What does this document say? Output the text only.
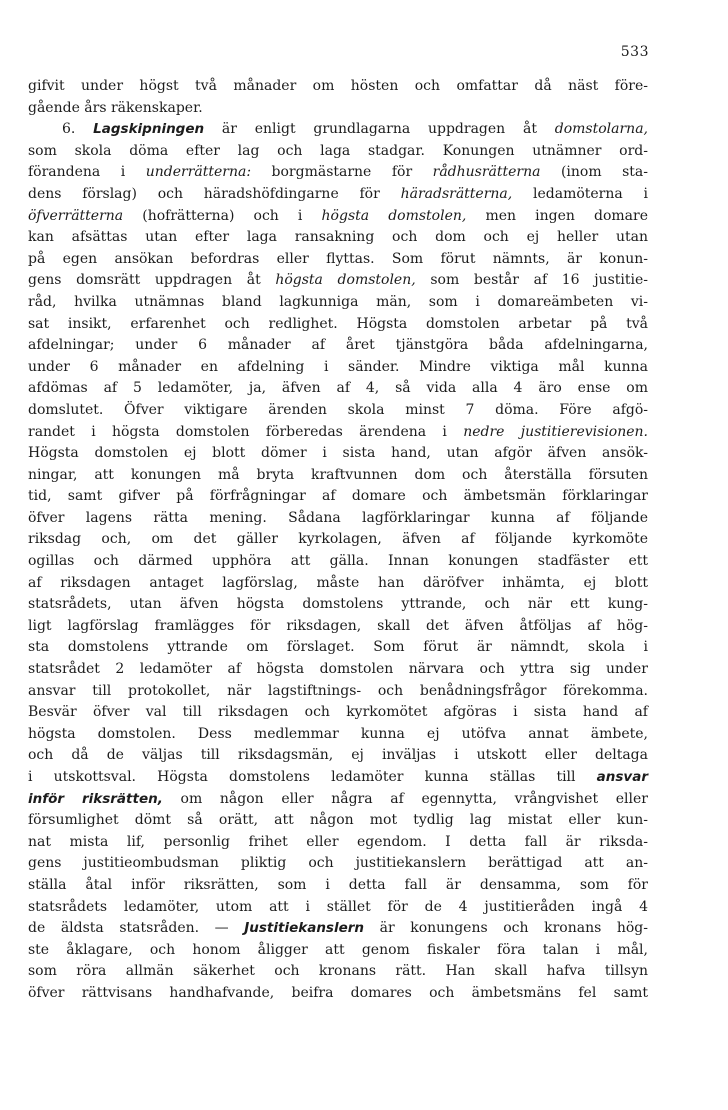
533
gifvit under högst två månader om hösten och omfattar då näst före-
gående års räkenskaper.
6. Lagskipningen är enligt grundlagarna uppdragen åt domstolarna,
som skola döma efter lag och laga stadgar. Konungen utnämner ord-
förandena i underrätterna: borgmästarne för rådhusrätterna (inom sta-
dens förslag) och häradshöfdingarne för häradsrätterna, ledamöterna i
öfverrätterna (hofrätterna) och i högsta domstolen, men ingen domare
kan afsättas utan efter laga ransakning och dom och ej heller utan
på egen ansökan befordras eller flyttas. Som förut nämnts, är konun-
gens domsrätt uppdragen åt högsta domstolen, som består af 16 justitie-
råd, hvilka utnämnas bland lagkunniga män, som i domareämbeten vi-
sat insikt, erfarenhet och redlighet. Högsta domstolen arbetar på två
afdelningar; under 6 månader af året tjänstgöra båda afdelningarna,
under 6 månader en afdelning i sänder. Mindre viktiga mål kunna
afdömas af 5 ledamöter, ja, äfven af 4, så vida alla 4 äro ense om
domslutet. Öfver viktigare ärenden skola minst 7 döma. Före afgö-
randet i högsta domstolen förberedas ärendena i nedre justitierevisionen.
Högsta domstolen ej blott dömer i sista hand, utan afgör äfven ansök-
ningar, att konungen må bryta kraftvunnen dom och återställa försuten
tid, samt gifver på förfrågningar af domare och ämbetsmän förklaringar
öfver lagens rätta mening. Sådana lagförklaringar kunna af följande
riksdag och, om det gäller kyrkolagen, äfven af följande kyrkomöte
ogillas och därmed upphöra att gälla. Innan konungen stadfäster ett
af riksdagen antaget lagförslag, måste han däröfver inhämta, ej blott
statsrådets, utan äfven högsta domstolens yttrande, och när ett kung-
ligt lagförslag framlägges för riksdagen, skall det äfven åtföljas af hög-
sta domstolens yttrande om förslaget. Som förut är nämndt, skola i
statsrådet 2 ledamöter af högsta domstolen närvara och yttra sig under
ansvar till protokollet, när lagstiftnings- och benådningsfrågor förekomma.
Besvär öfver val till riksdagen och kyrkomötet afgöras i sista hand af
högsta domstolen. Dess medlemmar kunna ej utöfva annat ämbete,
och då de väljas till riksdagsmän, ej inväljas i utskott eller deltaga
i utskottsval. Högsta domstolens ledamöter kunna ställas till ansvar
inför riksrätten, om någon eller några af egennytta, vrångvishet eller
försumlighet dömt så orätt, att någon mot tydlig lag mistat eller kun-
nat mista lif, personlig frihet eller egendom. I detta fall är riksda-
gens justitieombudsman pliktig och justitiekanslern berättigad att an-
ställa åtal inför riksrätten, som i detta fall är densamma, som för
statsrådets ledamöter, utom att i stället för de 4 justitieråden ingå 4
de äldsta statsråden. — Justitiekanslern är konungens och kronans hög-
ste åklagare, och honom åligger att genom fiskaler föra talan i mål,
som röra allmän säkerhet och kronans rätt. Han skall hafva tillsyn
öfver rättvisans handhafvande, beifra domares och ämbetsmäns fel samt
